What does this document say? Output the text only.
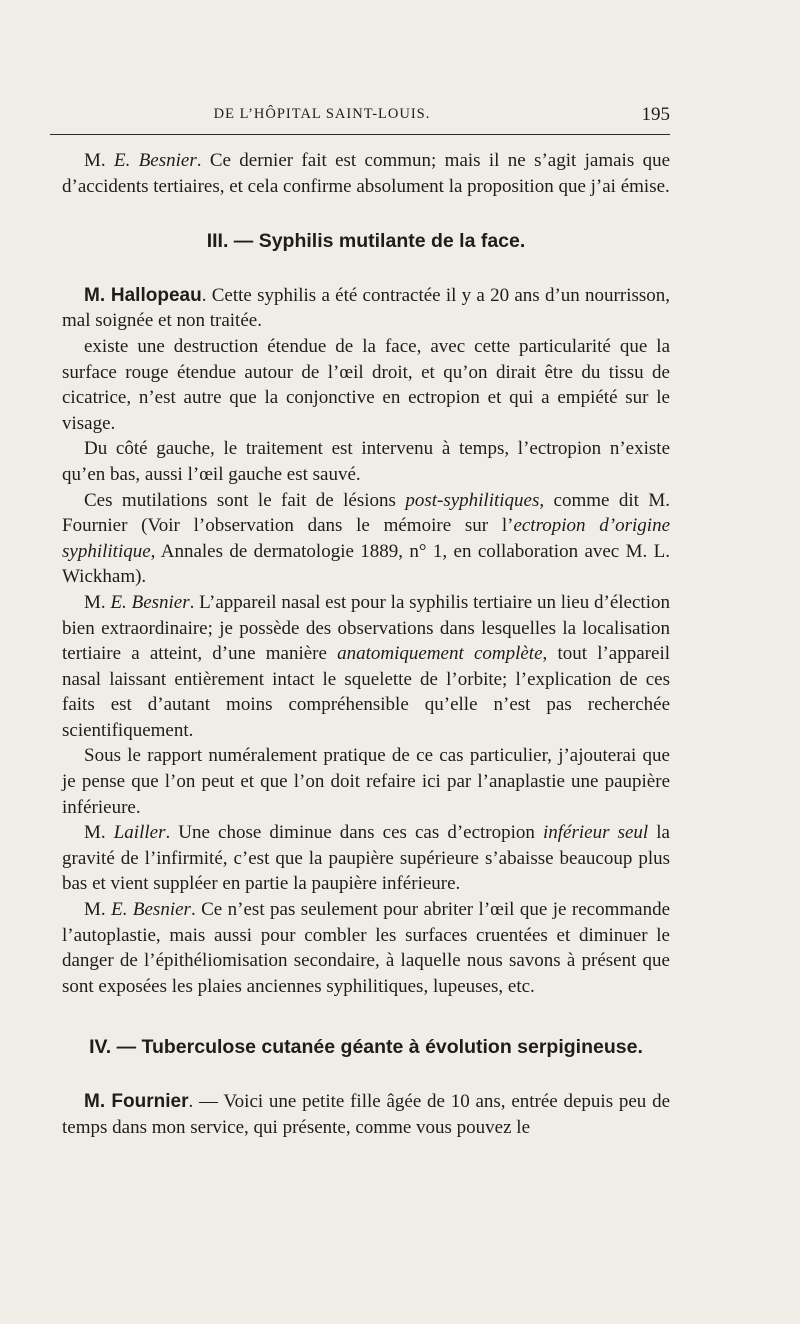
DE L’HÔPITAL SAINT-LOUIS.	195

M. E. Besnier. Ce dernier fait est commun; mais il ne s’agit jamais que d’accidents tertiaires, et cela confirme absolument la proposition que j’ai émise.

III. — Syphilis mutilante de la face.

M. Hallopeau. Cette syphilis a été contractée il y a 20 ans d’un nourrisson, mal soignée et non traitée.

existe une destruction étendue de la face, avec cette particularité que la surface rouge étendue autour de l’œil droit, et qu’on dirait être du tissu de cicatrice, n’est autre que la conjonctive en ectropion et qui a empiété sur le visage.

Du côté gauche, le traitement est intervenu à temps, l’ectropion n’existe qu’en bas, aussi l’œil gauche est sauvé.

Ces mutilations sont le fait de lésions post-syphilitiques, comme dit M. Fournier (Voir l’observation dans le mémoire sur l’ectropion d’origine syphilitique, Annales de dermatologie 1889, n° 1, en collaboration avec M. L. Wickham).

M. E. Besnier. L’appareil nasal est pour la syphilis tertiaire un lieu d’élection bien extraordinaire; je possède des observations dans lesquelles la localisation tertiaire a atteint, d’une manière anatomiquement complète, tout l’appareil nasal laissant entièrement intact le squelette de l’orbite; l’explication de ces faits est d’autant moins compréhensible qu’elle n’est pas recherchée scientifiquement.

Sous le rapport numéralement pratique de ce cas particulier, j’ajouterai que je pense que l’on peut et que l’on doit refaire ici par l’anaplastie une paupière inférieure.

M. Lailler. Une chose diminue dans ces cas d’ectropion inférieur seul la gravité de l’infirmité, c’est que la paupière supérieure s’abaisse beaucoup plus bas et vient suppléer en partie la paupière inférieure.

M. E. Besnier. Ce n’est pas seulement pour abriter l’œil que je recommande l’autoplastie, mais aussi pour combler les surfaces cruentées et diminuer le danger de l’épithéliomisation secondaire, à laquelle nous savons à présent que sont exposées les plaies anciennes syphilitiques, lupeuses, etc.

IV. — Tuberculose cutanée géante à évolution serpigineuse.

M. Fournier. — Voici une petite fille âgée de 10 ans, entrée depuis peu de temps dans mon service, qui présente, comme vous pouvez le
